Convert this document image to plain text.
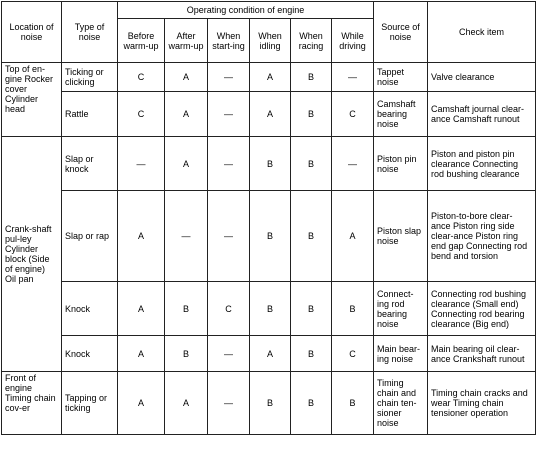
Location of noise	Type of noise	Operating condition of engine						Source of noise	Check item
		Before warm-up	After warm-up	When start-ing	When idling	When racing	While driving		
Top of en-gine Rocker cover Cylinder head	Ticking or clicking	C	A	—	A	B	—	Tappet noise	Valve clearance
	Rattle	C	A	—	A	B	C	Camshaft bearing noise	Camshaft journal clear-ance Camshaft runout
Crank-shaft pul-ley Cylinder block (Side of engine) Oil pan	Slap or knock	—	A	—	B	B	—	Piston pin noise	Piston and piston pin clearance Connecting rod bushing clearance
	Slap or rap	A	—	—	B	B	A	Piston slap noise	Piston-to-bore clear-ance Piston ring side clear-ance Piston ring end gap Connecting rod bend and torsion
	Knock	A	B	C	B	B	B	Connect-ing rod bearing noise	Connecting rod bushing clearance (Small end) Connecting rod bearing clearance (Big end)
	Knock	A	B	—	A	B	C	Main bear-ing noise	Main bearing oil clear-ance Crankshaft runout
Front of engine Timing chain cov-er	Tapping or ticking	A	A	—	B	B	B	Timing chain and chain ten-sioner noise	Timing chain cracks and wear Timing chain tensioner operation
